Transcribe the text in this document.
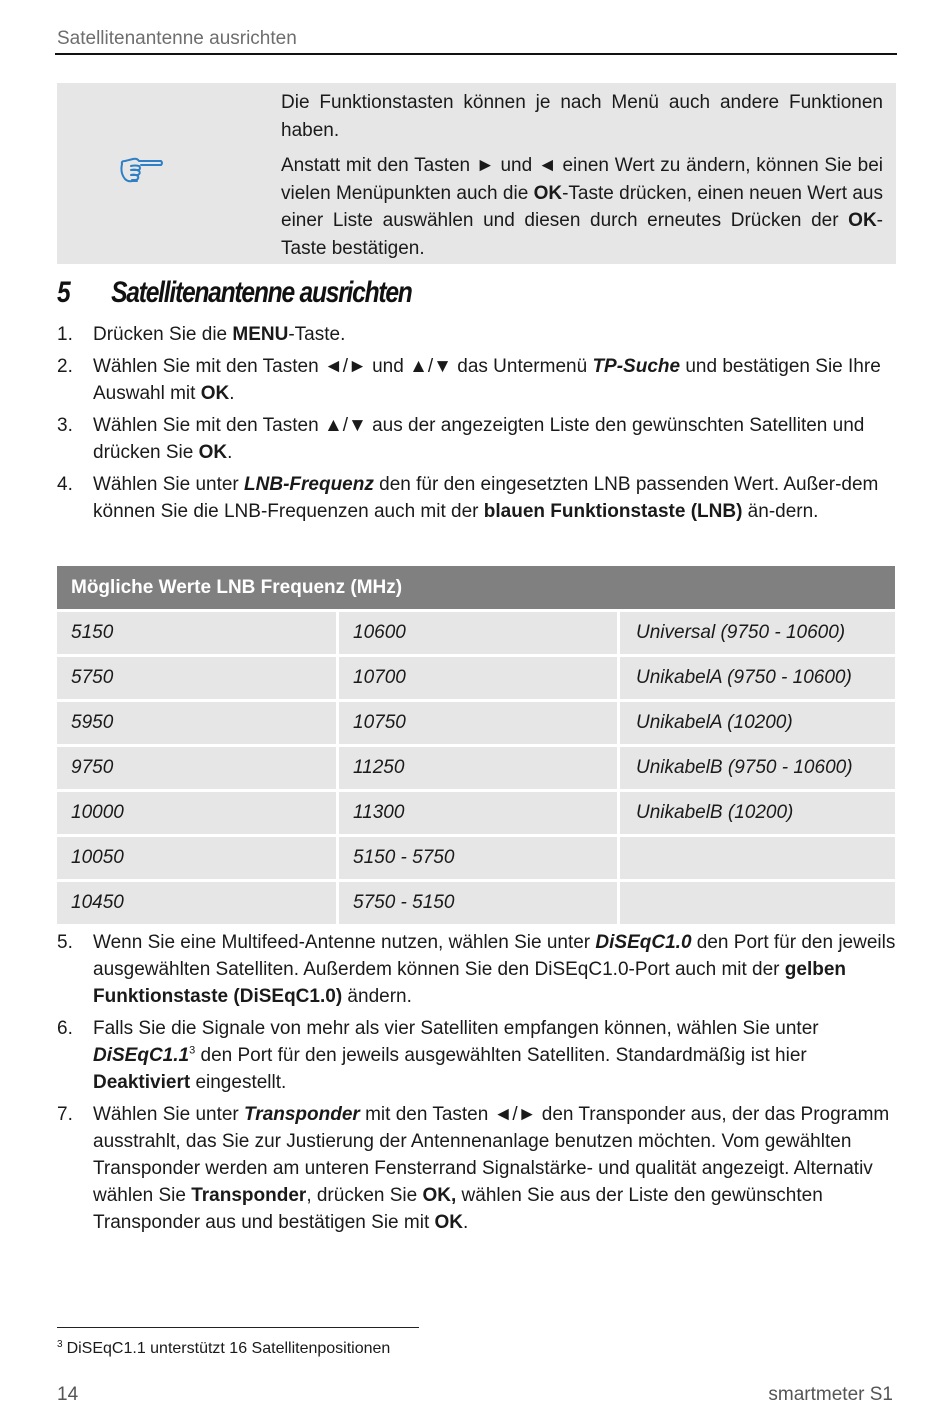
Satellitenantenne ausrichten

Die Funktionstasten können je nach Menü auch andere Funktionen haben.

Anstatt mit den Tasten ► und ◄ einen Wert zu ändern, können Sie bei vielen Menüpunkten auch die OK-Taste drücken, einen neuen Wert aus einer Liste auswählen und diesen durch erneutes Drücken der OK-Taste bestätigen.

5 Satellitenantenne ausrichten
1. Drücken Sie die MENU-Taste.
2. Wählen Sie mit den Tasten ◄/► und ▲/▼ das Untermenü TP-Suche und bestätigen Sie Ihre Auswahl mit OK.
3. Wählen Sie mit den Tasten ▲/▼ aus der angezeigten Liste den gewünschten Satelliten und drücken Sie OK.
4. Wählen Sie unter LNB-Frequenz den für den eingesetzten LNB passenden Wert. Außer-dem können Sie die LNB-Frequenzen auch mit der blauen Funktionstaste (LNB) än-dern.
Mögliche Werte LNB Frequenz (MHz)
5150	10600	Universal (9750 - 10600)
5750	10700	UnikabelA (9750 - 10600)
5950	10750	UnikabelA (10200)
9750	11250	UnikabelB (9750 - 10600)
10000	11300	UnikabelB (10200)
10050	5150 - 5750
10450	5750 - 5150
5. Wenn Sie eine Multifeed-Antenne nutzen, wählen Sie unter DiSEqC1.0 den Port für den jeweils ausgewählten Satelliten. Außerdem können Sie den DiSEqC1.0-Port auch mit der gelben Funktionstaste (DiSEqC1.0) ändern.
6. Falls Sie die Signale von mehr als vier Satelliten empfangen können, wählen Sie unter $DiSEqC1.1^3$ den Port für den jeweils ausgewählten Satelliten. Standardmäßig ist hier Deaktiviert eingestellt.
7. Wählen Sie unter Transponder mit den Tasten ◄/► den Transponder aus, der das Programm ausstrahlt, das Sie zur Justierung der Antennenanlage benutzen möchten. Vom gewählten Transponder werden am unteren Fensterrand Signalstärke- und qualität angezeigt. Alternativ wählen Sie Transponder, drücken Sie OK, wählen Sie aus der Liste den gewünschten Transponder aus und bestätigen Sie mit OK.
$^3$ DiSEqC1.1 unterstützt 16 Satellitenpositionen
14	smartmeter S1
